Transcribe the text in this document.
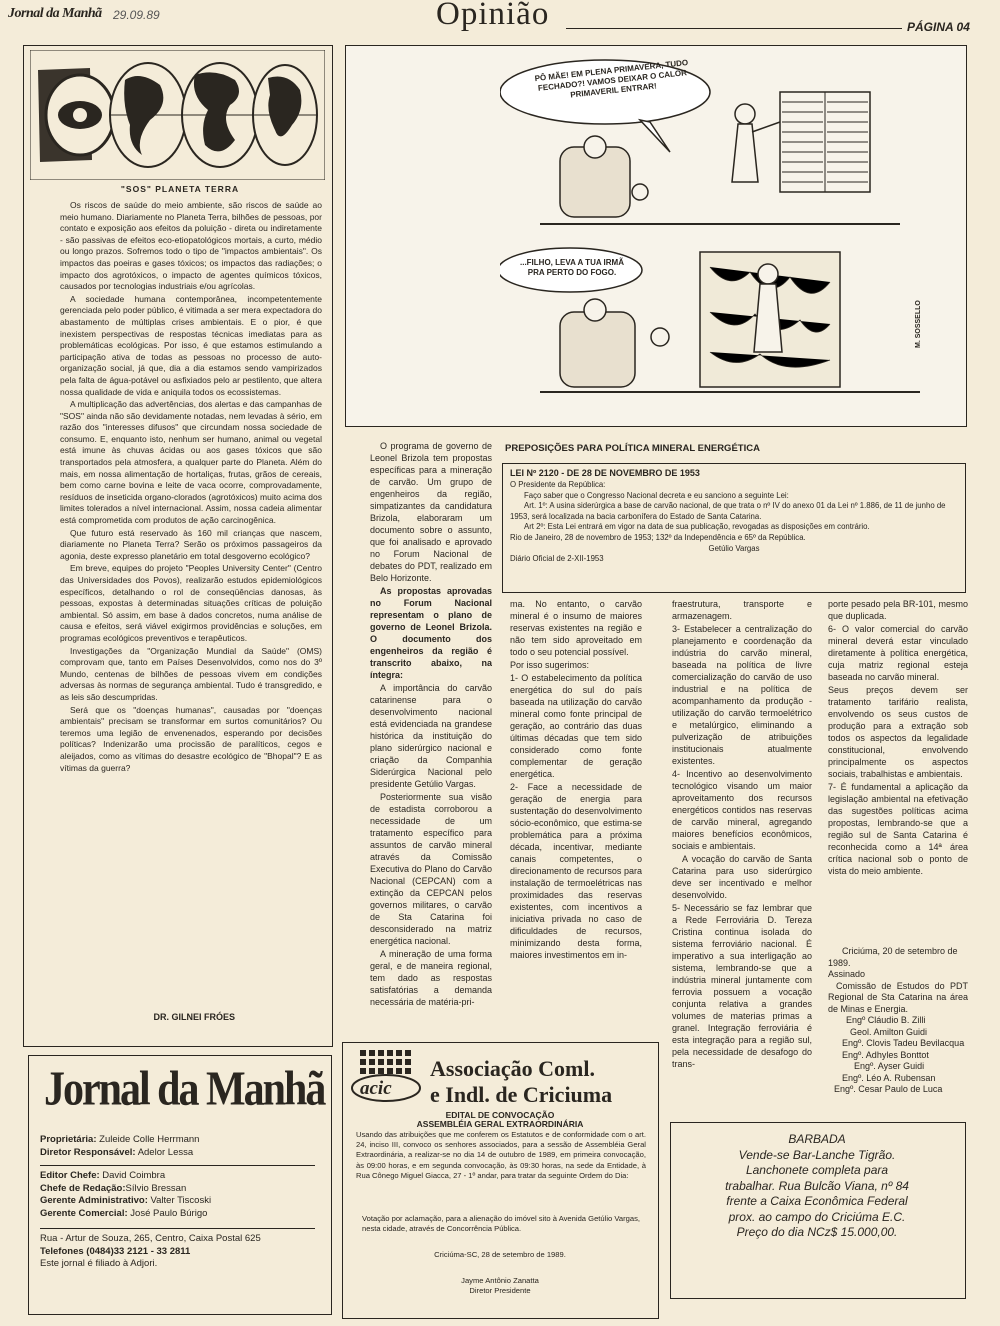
Jornal da Manhã 29.09.89	Opinião	PÁGINA 04
"SOS" PLANETA TERRA

Os riscos de saúde do meio ambiente, são riscos de saúde ao meio humano. Diariamente no Planeta Terra, bilhões de pessoas, por contato e exposição aos efeitos da poluição - direta ou indiretamente - são passivas de efeitos eco-etiopatológicos mortais, a curto, médio ou longo prazos. Sofremos todo o tipo de "impactos ambientais". Os impactos das poeiras e gases tóxicos; os impactos das radiações; o impacto dos agrotóxicos, o impacto de agentes químicos tóxicos, causados por tecnologias industriais e/ou agrícolas.

A sociedade humana contemporânea, incompetentemente gerenciada pelo poder público, é vitimada a ser mera expectadora do abastamento de múltiplas crises ambientais. E o pior, é que inexistem perspectivas de respostas técnicas imediatas para as problemáticas ecológicas. Por isso, é que estamos estimulando a participação ativa de todas as pessoas no processo de auto-organização social, já que, dia a dia estamos sendo vampirizados pela falta de água-potável ou asfixiados pelo ar pestilento, que altera nossa qualidade de vida e aniquila todos os ecossistemas.

A multiplicação das advertências, dos alertas e das campanhas de "SOS" ainda não são devidamente notadas, nem levadas à sério, em razão dos "interesses difusos" que circundam nossa sociedade de consumo. E, enquanto isto, nenhum ser humano, animal ou vegetal está imune às chuvas ácidas ou aos gases tóxicos que são transportados pela atmosfera, a qualquer parte do Planeta. Além do mais, em nossa alimentação de hortaliças, frutas, grãos de cereais, bem como carne bovina e leite de vaca ocorre, comprovadamente, resíduos de inseticida organo-clorados (agrotóxicos) muito acima dos limites tolerados a nível internacional. Assim, nossa cadeia alimentar está comprometida com produtos de ação carcinogênica.

Que futuro está reservado às 160 mil crianças que nascem, diariamente no Planeta Terra? Serão os próximos passageiros da agonia, deste expresso planetário em total desgoverno ecológico?

Em breve, equipes do projeto "Peoples University Center" (Centro das Universidades dos Povos), realizarão estudos epidemiológicos específicos, detalhando o rol de conseqüências danosas, às pessoas, expostas à determinadas situações críticas de poluição ambiental. Só assim, em base à dados concretos, numa análise de causa e efeitos, será viável exigirmos providências e soluções, em programas ecológicos preventivos e terapêuticos.

Investigações da "Organização Mundial da Saúde" (OMS) comprovam que, tanto em Países Desenvolvidos, como nos do 3º Mundo, centenas de bilhões de pessoas vivem em condições adversas às normas de segurança ambiental. Tudo é transgredido, e as leis são descumpridas.

Será que os "doenças humanas", causadas por "doenças ambientais" precisam se transformar em surtos comunitários? Ou teremos uma legião de envenenados, esperando por decisões políticas? Indenizarão uma procissão de paralíticos, cegos e aleijados, como as vítimas do desastre ecológico de "Bhopal"? E as vítimas da guerra?

DR. GILNEI FRÓES
PÔ MÃE! EM PLENA PRIMAVERA, TUDO FECHADO?! VAMOS DEIXAR O CALOR PRIMAVERIL ENTRAR!
...FILHO, LEVA A TUA IRMÃ PRA PERTO DO FOGO.
M. SOSSELLO
PREPOSIÇÕES PARA POLÍTICA MINERAL ENERGÉTICA
LEI Nº 2120 - DE 28 DE NOVEMBRO DE 1953

O Presidente da República:

Faço saber que o Congresso Nacional decreta e eu sanciono a seguinte Lei:

Art. 1º: A usina siderúrgica a base de carvão nacional, de que trata o nº IV do anexo 01 da Lei nº 1.886, de 11 de junho de 1953, será localizada na bacia carbonífera do Estado de Santa Catarina.

Art 2º: Esta Lei entrará em vigor na data de sua publicação, revogadas as disposições em contrário.

Rio de Janeiro, 28 de novembro de 1953; 132º da Independência e 65º da República.

Getúlio Vargas

Diário Oficial de 2-XII-1953

O programa de governo de Leonel Brizola tem propostas específicas para a mineração de carvão. Um grupo de engenheiros da região, simpatizantes da candidatura Brizola, elaboraram um documento sobre o assunto, que foi analisado e aprovado no Forum Nacional de debates do PDT, realizado em Belo Horizonte.

As propostas aprovadas no Forum Nacional representam o plano de governo de Leonel Brizola. O documento dos engenheiros da região é transcrito abaixo, na íntegra:

A importância do carvão catarinense para o desenvolvimento nacional está evidenciada na grandese histórica da instituição do plano siderúrgico nacional e criação da Companhia Siderúrgica Nacional pelo presidente Getúlio Vargas.

Posteriormente sua visão de estadista corroborou a necessidade de um tratamento específico para assuntos de carvão mineral através da Comissão Executiva do Plano do Carvão Nacional (CEPCAN) com a extinção da CEPCAN pelos governos militares, o carvão de Sta Catarina foi desconsiderado na matriz energética nacional.

A mineração de uma forma geral, e de maneira regional, tem dado as respostas satisfatórias a demanda necessária de matéria-pri-

ma. No entanto, o carvão mineral é o insumo de maiores reservas existentes na região e não tem sido aproveitado em todo o seu potencial possível.

Por isso sugerimos:

1- O estabelecimento da política energética do sul do país baseada na utilização do carvão mineral como fonte principal de geração, ao contrário das duas últimas décadas que tem sido considerado como fonte complementar de geração energética.

2- Face a necessidade de geração de energia para sustentação do desenvolvimento sócio-econômico, que estima-se problemática para a próxima década, incentivar, mediante canais competentes, o direcionamento de recursos para instalação de termoelétricas nas proximidades das reservas existentes, com incentivos a iniciativa privada no caso de dificuldades de recursos, minimizando desta forma, maiores investimentos em in-

fraestrutura, transporte e armazenagem.

3- Estabelecer a centralização do planejamento e coordenação da indústria do carvão mineral, baseada na política de livre comercialização do carvão de uso industrial e na política de acompanhamento da produção - utilização do carvão termoelétrico e metalúrgico, eliminando a pulverização de atribuições institucionais atualmente existentes.

4- Incentivo ao desenvolvimento tecnológico visando um maior aproveitamento dos recursos energéticos contidos nas reservas de carvão mineral, agregando maiores benefícios econômicos, sociais e ambientais.

A vocação do carvão de Santa Catarina para uso siderúrgico deve ser incentivado e melhor desenvolvido.

5- Necessário se faz lembrar que a Rede Ferroviária D. Tereza Cristina continua isolada do sistema ferroviário nacional. É imperativo a sua interligação ao sistema, lembrando-se que a indústria mineral juntamente com ferrovia possuem a vocação conjunta relativa a grandes volumes de materias primas a granel. Integração ferroviária é esta integração para a região sul, pela necessidade de desafogo do trans-

porte pesado pela BR-101, mesmo que duplicada.

6- O valor comercial do carvão mineral deverá estar vinculado diretamente à política energética, cuja matriz regional esteja baseada no carvão mineral.

Seus preços devem ser tratamento tarifário realista, envolvendo os seus custos de produção para a extração sob todos os aspectos da legalidade constitucional, envolvendo principalmente os aspectos sociais, trabalhistas e ambientais.

7- É fundamental a aplicação da legislação ambiental na efetivação das sugestões políticas acima propostas, lembrando-se que a região sul de Santa Catarina é reconhecida como a 14ª área crítica nacional sob o ponto de vista do meio ambiente.

Criciúma, 20 de setembro de 1989.
Assinado
Comissão de Estudos do PDT Regional de Sta Catarina na área de Minas e Energia.
Engº Cláudio B. Zilli
Geol. Amilton Guidi
Engº. Clovis Tadeu Bevilacqua
Engº. Adhyles Bonttot
Engº. Ayser Guidi
Engº. Léo A. Rubensan
Engº. Cesar Paulo de Luca
Jornal da Manhã
Proprietária: Zuleide Colle Herrmann
Diretor Responsável: Adelor Lessa
Editor Chefe: David Coimbra
Chefe de Redação:Sílvio Bressan
Gerente Administrativo: Valter Tiscoski
Gerente Comercial: José Paulo Búrigo
Rua - Artur de Souza, 265, Centro, Caixa Postal 625
Telefones (0484)33 2121 - 33 2811
Este jornal é filiado à Adjori.
acic
Associação Coml.
e Indl. de Criciuma
EDITAL DE CONVOCAÇÃO
ASSEMBLÉIA GERAL EXTRAORDINÁRIA
Usando das atribuições que me conferem os Estatutos e de conformidade com o art. 24, inciso III, convoco os senhores associados, para a sessão de Assembléia Geral Extraordinária, a realizar-se no dia 14 de outubro de 1989, em primeira convocação, às 09:00 horas, e em segunda convocação, às 09:30 horas, na sede da Entidade, à Rua Cônego Miguel Giacca, 27 - 1º andar, para tratar da seguinte Ordem do Dia:
Votação por aclamação, para a alienação do imóvel sito à Avenida Getúlio Vargas, nesta cidade, através de Concorrência Pública.
Criciúma-SC, 28 de setembro de 1989.
Jayme Antônio Zanatta
Diretor Presidente
BARBADA
Vende-se Bar-Lanche Tigrão.
Lanchonete completa para
trabalhar. Rua Bulcão Viana, nº 84
frente a Caixa Econômica Federal
prox. ao campo do Criciúma E.C.
Preço do dia NCz$ 15.000,00.
